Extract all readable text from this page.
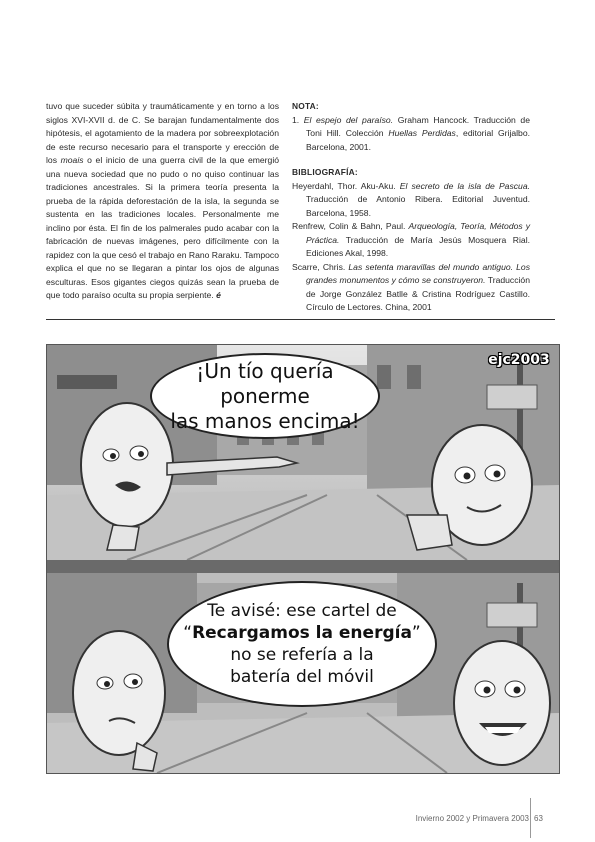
tuvo que suceder súbita y traumáticamente y en torno a los siglos XVI-XVII d. de C. Se barajan fundamentalmente dos hipótesis, el agotamiento de la madera por sobreexplotación de este recurso necesario para el transporte y erección de los moais o el inicio de una guerra civil de la que emergió una nueva sociedad que no pudo o no quiso continuar las tradiciones ancestrales. Si la primera teoría presenta la prueba de la rápida deforestación de la isla, la segunda se sustenta en las tradiciones locales. Personalmente me inclino por ésta. El fin de los palmerales pudo acabar con la fabricación de nuevas imágenes, pero difícilmente con la rapidez con la que cesó el trabajo en Rano Raraku. Tampoco explica el que no se llegaran a pintar los ojos de algunas esculturas. Esos gigantes ciegos quizás sean la prueba de que todo paraíso oculta su propia serpiente. é
NOTA:
1. El espejo del paraíso. Graham Hancock. Traducción de Toni Hill. Colección Huellas Perdidas, editorial Grijalbo. Barcelona, 2001.
BIBLIOGRAFÍA:
Heyerdahl, Thor. Aku-Aku. El secreto de la isla de Pascua. Traducción de Antonio Ribera. Editorial Juventud. Barcelona, 1958.
Renfrew, Colin & Bahn, Paul. Arqueología, Teoría, Métodos y Práctica. Traducción de María Jesús Mosquera Rial. Ediciones Akal, 1998.
Scarre, Chris. Las setenta maravillas del mundo antiguo. Los grandes monumentos y cómo se construyeron. Traducción de Jorge González Batlle & Cristina Rodríguez Castillo. Círculo de Lectores. China, 2001
¡Un tío quería ponerme
las manos encima!
ejc2003
Te avisé: ese cartel de
“Recargamos la energía”
no se refería a la
batería del móvil
Invierno 2002 y Primavera 2003 63
